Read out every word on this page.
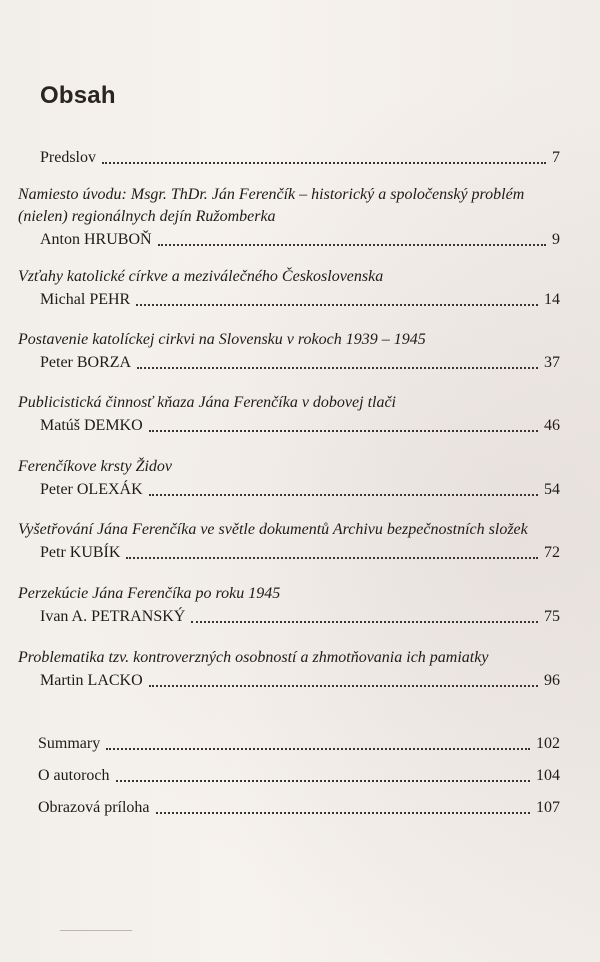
Obsah
Predslov	7
Namiesto úvodu: Msgr. ThDr. Ján Ferenčík – historický a spoločenský problém
(nielen) regionálnych dejín Ružomberka
Anton HRUBOŇ	9
Vzťahy katolické církve a meziválečného Československa
Michal PEHR	14
Postavenie katolíckej cirkvi na Slovensku v rokoch 1939 – 1945
Peter BORZA	37
Publicistická činnosť kňaza Jána Ferenčíka v dobovej tlači
Matúš DEMKO	46
Ferenčíkove krsty Židov
Peter OLEXÁK	54
Vyšetřování Jána Ferenčíka ve světle dokumentů Archivu bezpečnostních složek
Petr KUBÍK	72
Perzekúcie Jána Ferenčíka po roku 1945
Ivan A. PETRANSKÝ	75
Problematika tzv. kontroverzných osobností a zhmotňovania ich pamiatky
Martin LACKO	96
Summary	102
O autoroch	104
Obrazová príloha	107
